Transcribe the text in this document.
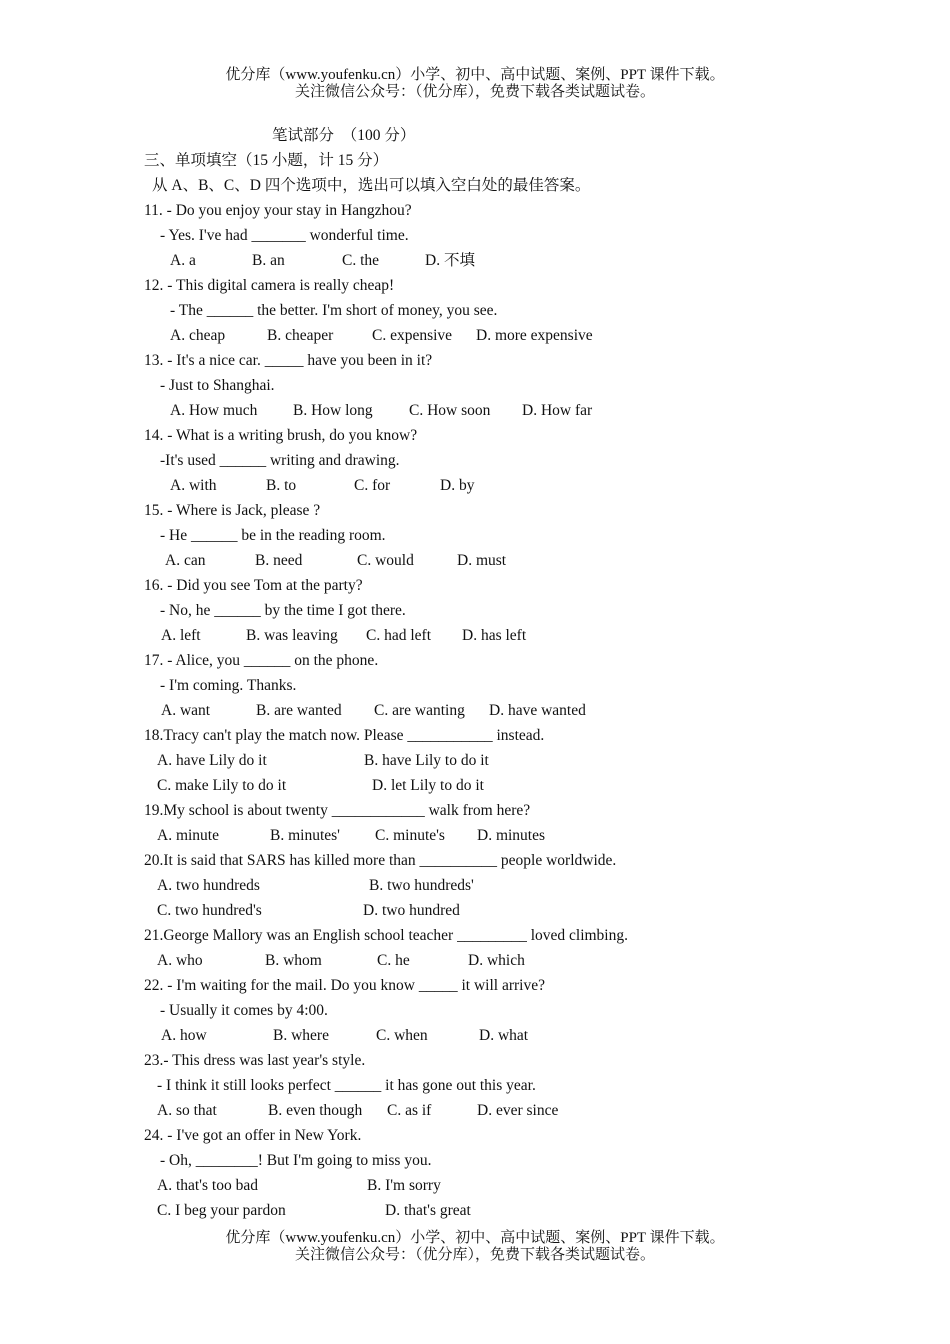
优分库（www.youfenku.cn）小学、初中、高中试题、案例、PPT 课件下载。
关注微信公众号：（优分库），免费下载各类试题试卷。
笔试部分　（100 分）
三、单项填空（15 小题，计 15 分）
从 A、B、C、D 四个选项中，选出可以填入空白处的最佳答案。
11. - Do you enjoy your stay in Hangzhou?
- Yes. I've had _______ wonderful time.
A. a	B. an	C. the	D. 不填
12. - This digital camera is really cheap!
- The ______ the better. I'm short of money, you see.
A. cheap	B. cheaper C. expensive D. more expensive
13. - It's a nice car. _____ have you been in it?
- Just to Shanghai.
A. How much B. How long C. How soon D. How far
14. - What is a writing brush, do you know?
-It's used ______ writing and drawing.
A. with	B. to	C. for	D. by
15. - Where is Jack, please ?
- He ______ be in the reading room.
A. can	B. need	C. would	D. must
16. - Did you see Tom at the party?
- No, he ______ by the time I got there.
A. left	B. was leaving C. had left D. has left
17. - Alice, you ______ on the phone.
- I'm coming. Thanks.
A. want	B. are wanted C. are wanting D. have wanted
18.Tracy can't play the match now. Please ___________ instead.
A. have Lily do it	B. have Lily to do it
C. make Lily to do it	D. let Lily to do it
19.My school is about twenty ____________ walk from here?
A. minute	B. minutes' C. minute's D. minutes
20.It is said that SARS has killed more than __________ people worldwide.
A. two hundreds	B. two hundreds'
C. two hundred's	D. two hundred
21.George Mallory was an English school teacher _________ loved climbing.
A. who	B. whom	C. he	D. which
22. - I'm waiting for the mail. Do you know _____ it will arrive?
- Usually it comes by 4:00.
A. how	B. where	C. when	D. what
23.- This dress was last year's style.
- I think it still looks perfect ______ it has gone out this year.
A. so that	B. even though C. as if	D. ever since
24. - I've got an offer in New York.
- Oh, ________! But I'm going to miss you.
A. that's too bad	B. I'm sorry
C. I beg your pardon	D. that's great
优分库（www.youfenku.cn）小学、初中、高中试题、案例、PPT 课件下载。
关注微信公众号：（优分库），免费下载各类试题试卷。
